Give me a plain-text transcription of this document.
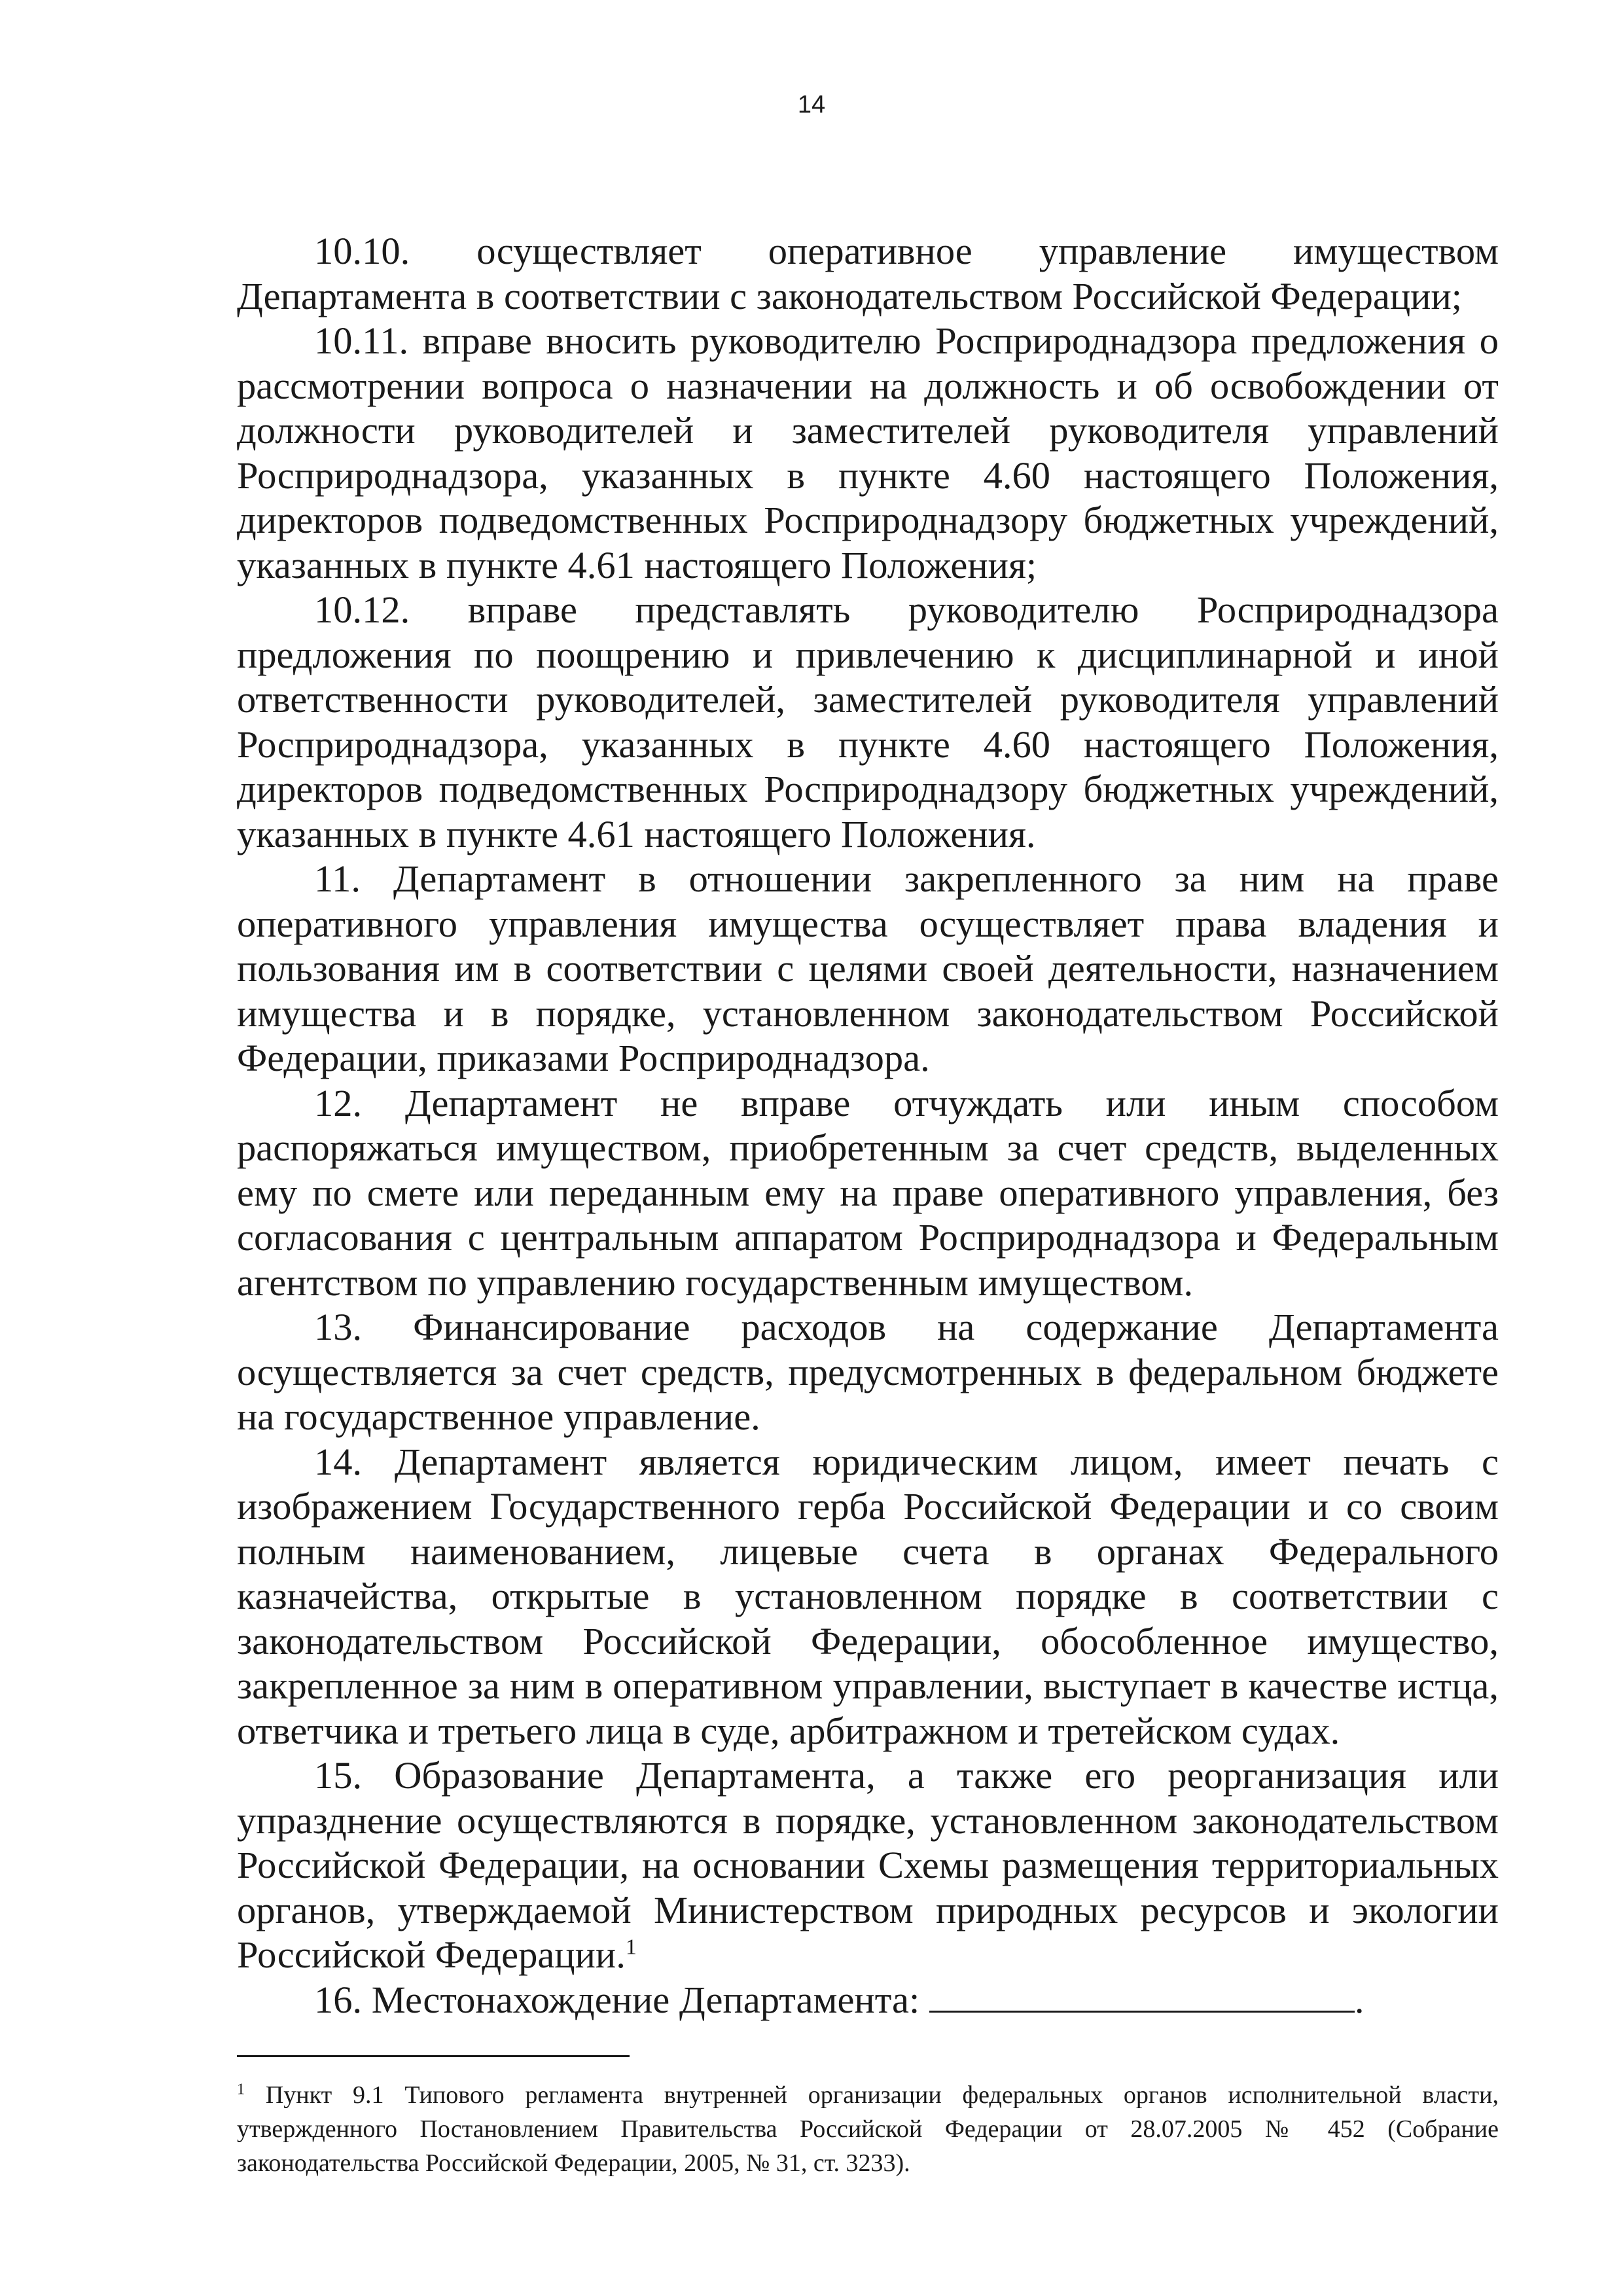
14

10.10. осуществляет оперативное управление имуществом Департамента в соответствии с законодательством Российской Федерации;

10.11. вправе вносить руководителю Росприроднадзора предложения о рассмотрении вопроса о назначении на должность и об освобождении от должности руководителей и заместителей руководителя управлений Росприроднадзора, указанных в пункте 4.60 настоящего Положения, директоров подведомственных Росприроднадзору бюджетных учреждений, указанных в пункте 4.61 настоящего Положения;

10.12. вправе представлять руководителю Росприроднадзора предложения по поощрению и привлечению к дисциплинарной и иной ответственности руководителей, заместителей руководителя управлений Росприроднадзора, указанных в пункте 4.60 настоящего Положения, директоров подведомственных Росприроднадзору бюджетных учреждений, указанных в пункте 4.61 настоящего Положения.

11. Департамент в отношении закрепленного за ним на праве оперативного управления имущества осуществляет права владения и пользования им в соответствии с целями своей деятельности, назначением имущества и в порядке, установленном законодательством Российской Федерации, приказами Росприроднадзора.

12. Департамент не вправе отчуждать или иным способом распоряжаться имуществом, приобретенным за счет средств, выделенных ему по смете или переданным ему на праве оперативного управления, без согласования с центральным аппаратом Росприроднадзора и Федеральным агентством по управлению государственным имуществом.

13. Финансирование расходов на содержание Департамента осуществляется за счет средств, предусмотренных в федеральном бюджете на государственное управление.

14. Департамент является юридическим лицом, имеет печать с изображением Государственного герба Российской Федерации и со своим полным наименованием, лицевые счета в органах Федерального казначейства, открытые в установленном порядке в соответствии с законодательством Российской Федерации, обособленное имущество, закрепленное за ним в оперативном управлении, выступает в качестве истца, ответчика и третьего лица в суде, арбитражном и третейском судах.

15. Образование Департамента, а также его реорганизация или упразднение осуществляются в порядке, установленном законодательством Российской Федерации, на основании Схемы размещения территориальных органов, утверждаемой Министерством природных ресурсов и экологии Российской Федерации.$^1$

16. Местонахождение Департамента:	.

$^1$ Пункт 9.1 Типового регламента внутренней организации федеральных органов исполнительной власти, утвержденного Постановлением Правительства Российской Федерации от 28.07.2005 № 452 (Собрание законодательства Российской Федерации, 2005, № 31, ст. 3233).
